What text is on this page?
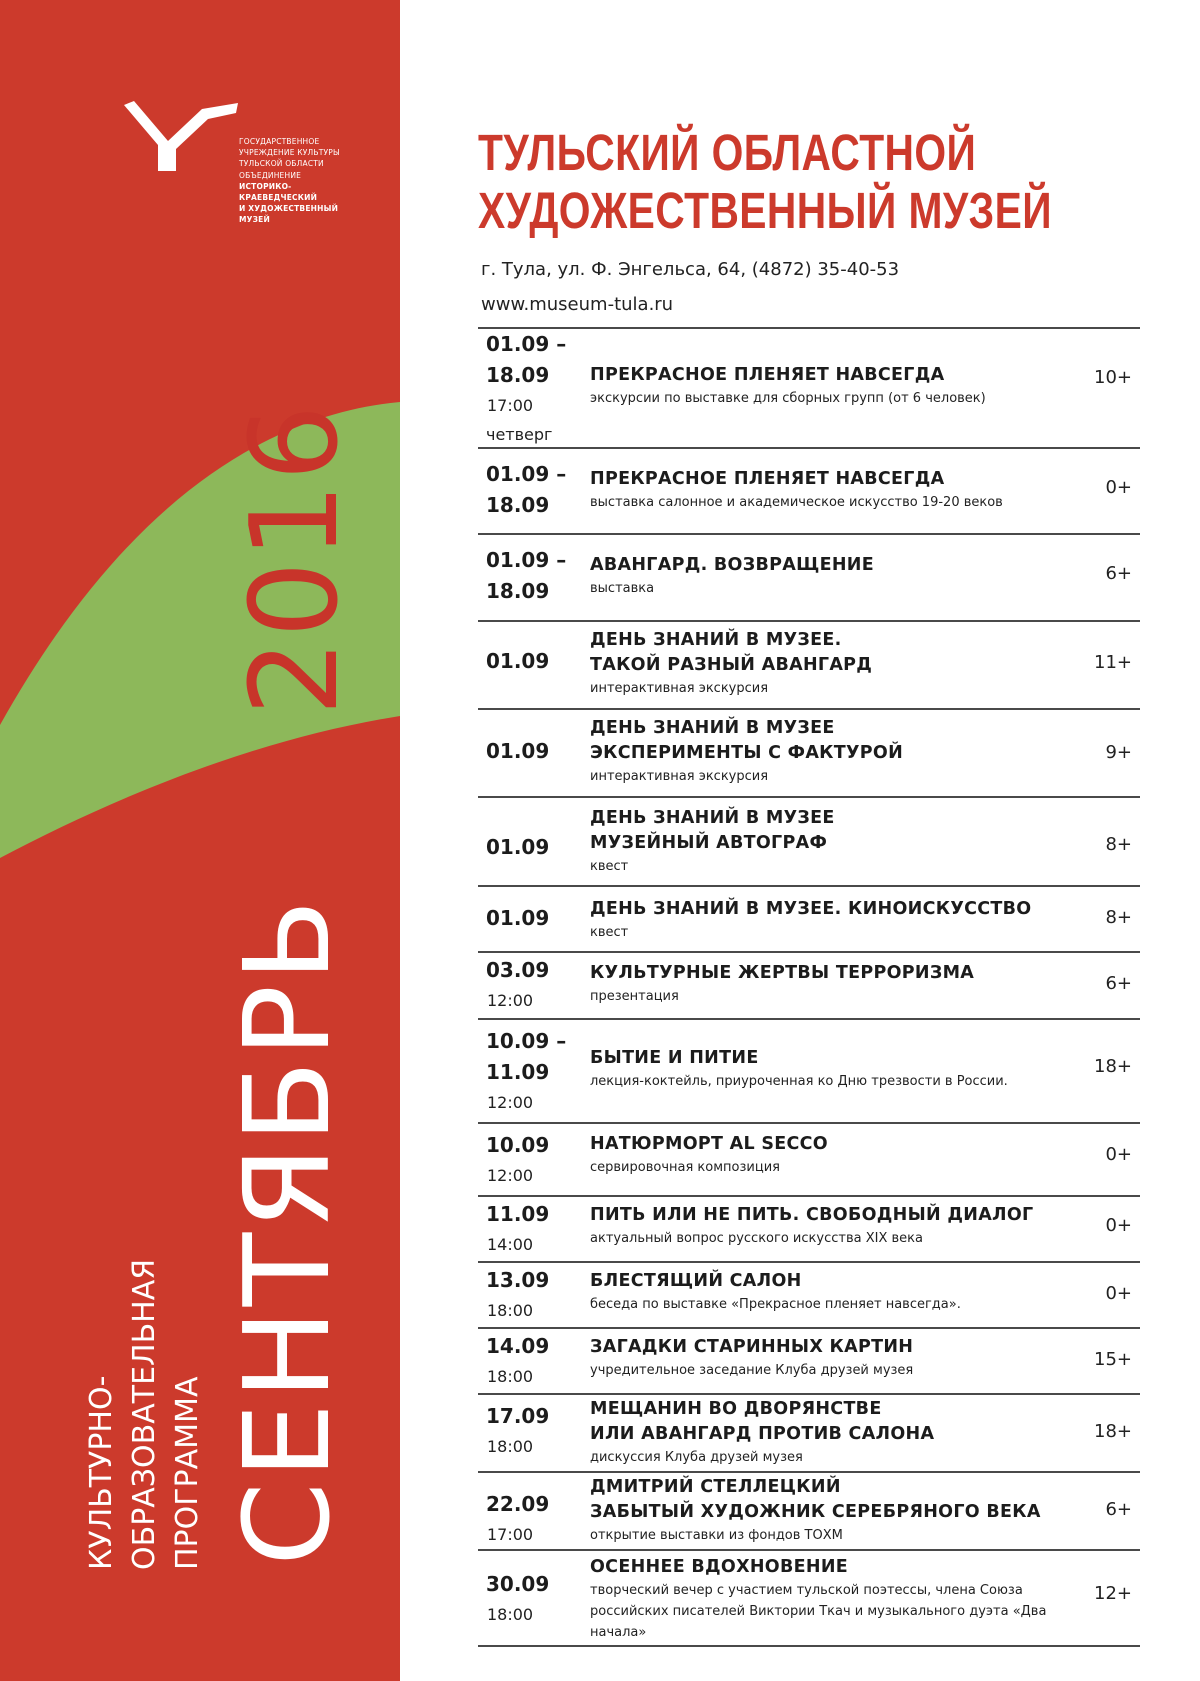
ГОСУДАРСТВЕННОЕ
УЧРЕЖДЕНИЕ КУЛЬТУРЫ
ТУЛЬСКОЙ ОБЛАСТИ
ОБЪЕДИНЕНИЕ
ИСТОРИКО-
КРАЕВЕДЧЕСКИЙ
И ХУДОЖЕСТВЕННЫЙ
МУЗЕЙ
2016
СЕНТЯБРЬ
КУЛЬТУРНО- ОБРАЗОВАТЕЛЬНАЯ ПРОГРАММА
ТУЛЬСКИЙ ОБЛАСТНОЙ
ХУДОЖЕСТВЕННЫЙ МУЗЕЙ
г. Тула, ул. Ф. Энгельса, 64, (4872) 35-40-53
www.museum-tula.ru
01.09 –
18.09
17:00
четверг
ПРЕКРАСНОЕ ПЛЕНЯЕТ НАВСЕГДА
экскурсии по выставке для сборных групп (от 6 человек)
10+
01.09 –
18.09
ПРЕКРАСНОЕ ПЛЕНЯЕТ НАВСЕГДА
выставка салонное и академическое искусство 19-20 веков
0+
01.09 –
18.09
АВАНГАРД. ВОЗВРАЩЕНИЕ
выставка
6+
01.09
ДЕНЬ ЗНАНИЙ В МУЗЕЕ.
ТАКОЙ РАЗНЫЙ АВАНГАРД
интерактивная экскурсия
11+
01.09
ДЕНЬ ЗНАНИЙ В МУЗЕЕ
ЭКСПЕРИМЕНТЫ С ФАКТУРОЙ
интерактивная экскурсия
9+
01.09
ДЕНЬ ЗНАНИЙ В МУЗЕЕ
МУЗЕЙНЫЙ АВТОГРАФ
квест
8+
01.09	ДЕНЬ ЗНАНИЙ В МУЗЕЕ. КИНОИСКУССТВО
квест
8+
03.09
12:00
КУЛЬТУРНЫЕ ЖЕРТВЫ ТЕРРОРИЗМА
презентация
6+
10.09 –
11.09
12:00
БЫТИЕ И ПИТИЕ
лекция-коктейль, приуроченная ко Дню трезвости в России.
18+
10.09
12:00
НАТЮРМОРТ AL SECCO
сервировочная композиция
0+
11.09
14:00
ПИТЬ ИЛИ НЕ ПИТЬ. СВОБОДНЫЙ ДИАЛОГ
актуальный вопрос русского искусства XIX века
0+
13.09
18:00
БЛЕСТЯЩИЙ САЛОН
беседа по выставке «Прекрасное пленяет навсегда».
0+
14.09
18:00
ЗАГАДКИ СТАРИННЫХ КАРТИН
учредительное заседание Клуба друзей музея
15+
17.09
18:00
МЕЩАНИН ВО ДВОРЯНСТВЕ
ИЛИ АВАНГАРД ПРОТИВ САЛОНА
дискуссия Клуба друзей музея
18+
22.09
17:00
ДМИТРИЙ СТЕЛЛЕЦКИЙ
ЗАБЫТЫЙ ХУДОЖНИК СЕРЕБРЯНОГО ВЕКА
открытие выставки из фондов ТОХМ
6+
30.09
18:00
ОСЕННЕЕ ВДОХНОВЕНИЕ
творческий вечер с участием тульской поэтессы, члена Союза российских писателей Виктории Ткач и музыкального дуэта «Два начала»
12+
